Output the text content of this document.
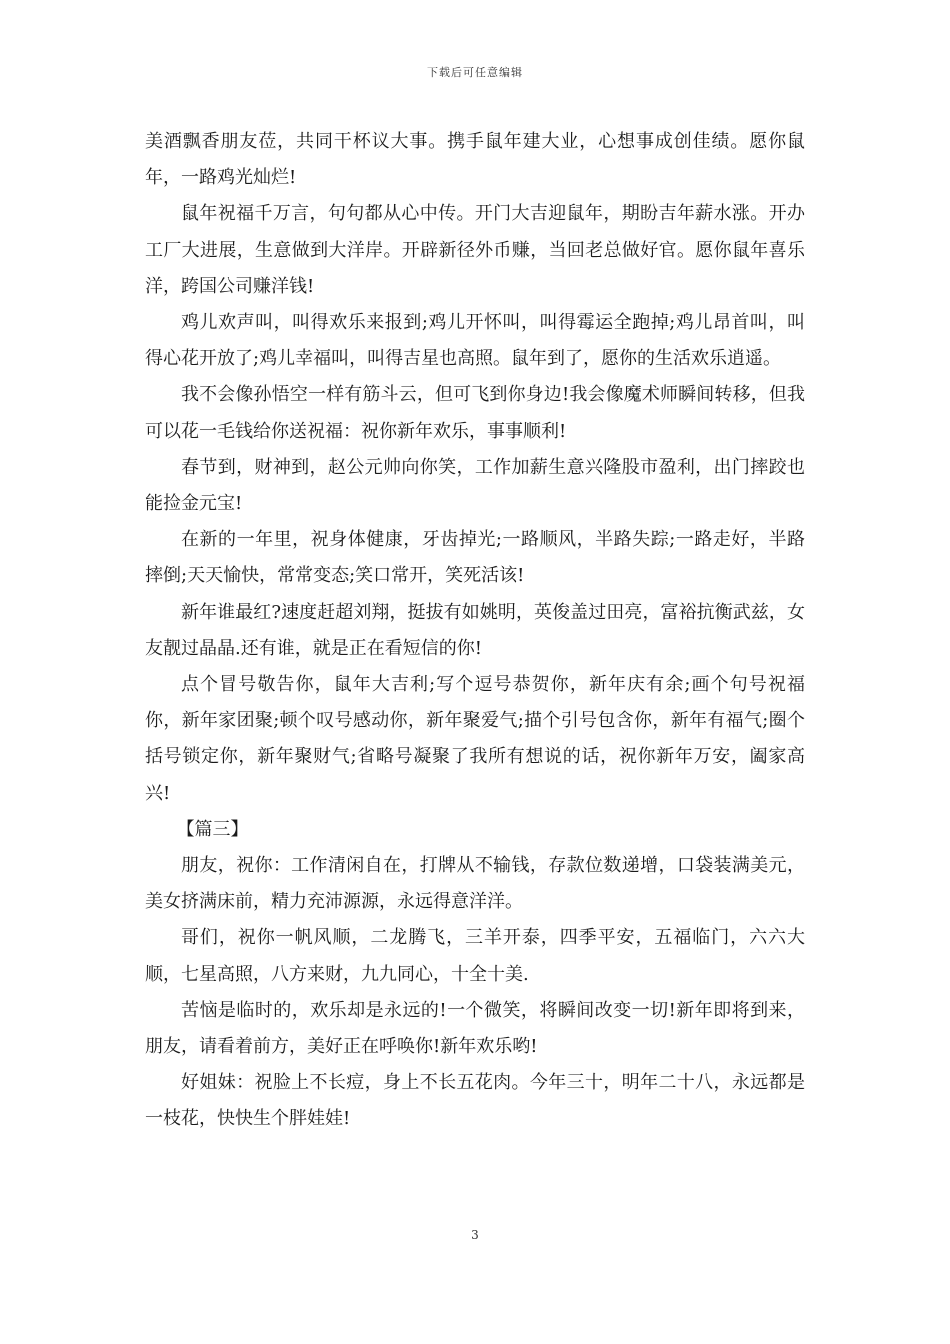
下载后可任意编辑

美酒飘香朋友莅，共同干杯议大事。携手鼠年建大业，心想事成创佳绩。愿你鼠年，一路鸡光灿烂!

鼠年祝福千万言，句句都从心中传。开门大吉迎鼠年，期盼吉年薪水涨。开办工厂大进展，生意做到大洋岸。开辟新径外币赚，当回老总做好官。愿你鼠年喜乐洋，跨国公司赚洋钱!

鸡儿欢声叫，叫得欢乐来报到;鸡儿开怀叫，叫得霉运全跑掉;鸡儿昂首叫，叫得心花开放了;鸡儿幸福叫，叫得吉星也高照。鼠年到了，愿你的生活欢乐逍遥。

我不会像孙悟空一样有筋斗云，但可飞到你身边!我会像魔术师瞬间转移，但我可以花一毛钱给你送祝福：祝你新年欢乐，事事顺利!

春节到，财神到，赵公元帅向你笑，工作加薪生意兴隆股市盈利，出门摔跤也能捡金元宝!

在新的一年里，祝身体健康，牙齿掉光;一路顺风，半路失踪;一路走好，半路摔倒;天天愉快，常常变态;笑口常开，笑死活该!

新年谁最红?速度赶超刘翔，挺拔有如姚明，英俊盖过田亮，富裕抗衡武兹，女友靓过晶晶.还有谁，就是正在看短信的你!

点个冒号敬告你，鼠年大吉利;写个逗号恭贺你，新年庆有余;画个句号祝福你，新年家团聚;顿个叹号感动你，新年聚爱气;描个引号包含你，新年有福气;圈个括号锁定你，新年聚财气;省略号凝聚了我所有想说的话，祝你新年万安，阖家高兴!

【篇三】

朋友，祝你：工作清闲自在，打牌从不输钱，存款位数递增，口袋装满美元，美女挤满床前，精力充沛源源，永远得意洋洋。

哥们，祝你一帆风顺，二龙腾飞，三羊开泰，四季平安，五福临门，六六大顺，七星高照，八方来财，九九同心，十全十美.

苦恼是临时的，欢乐却是永远的!一个微笑，将瞬间改变一切!新年即将到来，朋友，请看着前方，美好正在呼唤你!新年欢乐哟!

好姐妹：祝脸上不长痘，身上不长五花肉。今年三十，明年二十八，永远都是一枝花，快快生个胖娃娃!

3
